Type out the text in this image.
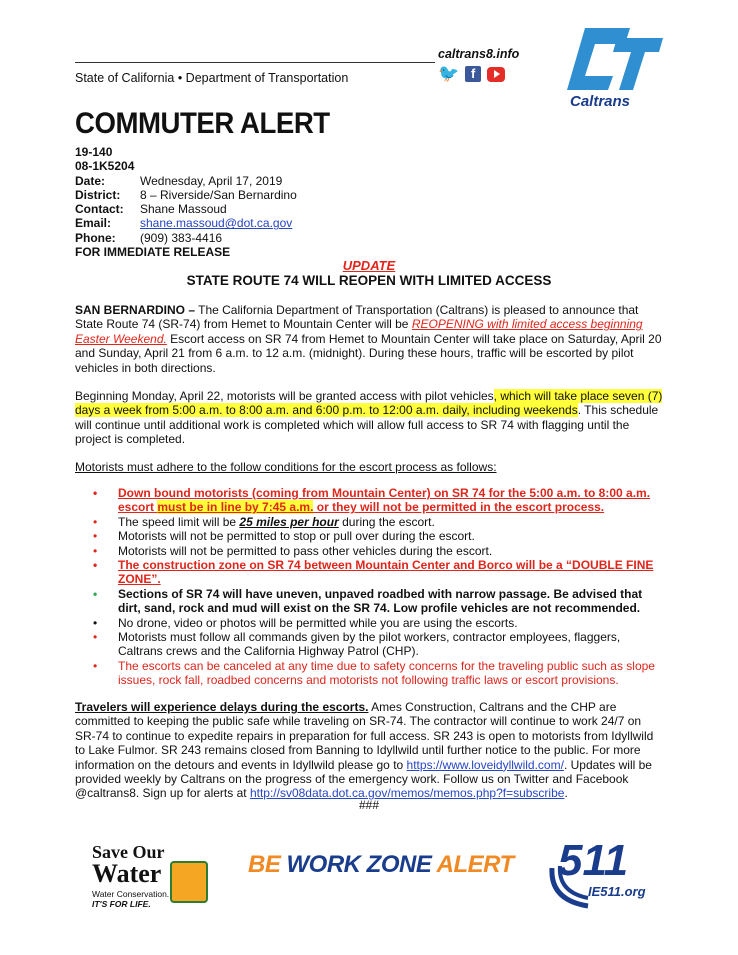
caltrans8.info
State of California • Department of Transportation	🐦 f
Caltrans
COMMUTER ALERT
19-140
08-1K5204
Date:	Wednesday, April 17, 2019
District:	8 – Riverside/San Bernardino
Contact:	Shane Massoud
Email:	shane.massoud@dot.ca.gov
Phone:	(909) 383-4416
FOR IMMEDIATE RELEASE
UPDATE
STATE ROUTE 74 WILL REOPEN WITH LIMITED ACCESS
SAN BERNARDINO – The California Department of Transportation (Caltrans) is pleased to announce that State Route 74 (SR-74) from Hemet to Mountain Center will be REOPENING with limited access beginning Easter Weekend. Escort access on SR 74 from Hemet to Mountain Center will take place on Saturday, April 20 and Sunday, April 21 from 6 a.m. to 12 a.m. (midnight). During these hours, traffic will be escorted by pilot vehicles in both directions.
Beginning Monday, April 22, motorists will be granted access with pilot vehicles, which will take place seven (7) days a week from 5:00 a.m. to 8:00 a.m. and 6:00 p.m. to 12:00 a.m. daily, including weekends. This schedule will continue until additional work is completed which will allow full access to SR 74 with flagging until the project is completed.
Motorists must adhere to the follow conditions for the escort process as follows:
• Down bound motorists (coming from Mountain Center) on SR 74 for the 5:00 a.m. to 8:00 a.m. escort must be in line by 7:45 a.m. or they will not be permitted in the escort process.
• The speed limit will be 25 miles per hour during the escort.
• Motorists will not be permitted to stop or pull over during the escort.
• Motorists will not be permitted to pass other vehicles during the escort.
• The construction zone on SR 74 between Mountain Center and Borco will be a “DOUBLE FINE ZONE”.
• Sections of SR 74 will have uneven, unpaved roadbed with narrow passage. Be advised that dirt, sand, rock and mud will exist on the SR 74. Low profile vehicles are not recommended.
• No drone, video or photos will be permitted while you are using the escorts.
• Motorists must follow all commands given by the pilot workers, contractor employees, flaggers, Caltrans crews and the California Highway Patrol (CHP).
• The escorts can be canceled at any time due to safety concerns for the traveling public such as slope issues, rock fall, roadbed concerns and motorists not following traffic laws or escort provisions.
Travelers will experience delays during the escorts. Ames Construction, Caltrans and the CHP are committed to keeping the public safe while traveling on SR-74. The contractor will continue to work 24/7 on SR-74 to continue to expedite repairs in preparation for full access. SR 243 is open to motorists from Idyllwild to Lake Fulmor. SR 243 remains closed from Banning to Idyllwild until further notice to the public. For more information on the detours and events in Idyllwild please go to https://www.loveidyllwild.com/. Updates will be provided weekly by Caltrans on the progress of the emergency work. Follow us on Twitter and Facebook @caltrans8. Sign up for alerts at http://sv08data.dot.ca.gov/memos/memos.php?f=subscribe.
###
Save Our
Water
Water Conservation.
IT'S FOR LIFE.
BE WORK ZONE ALERT 511
IE511.org
